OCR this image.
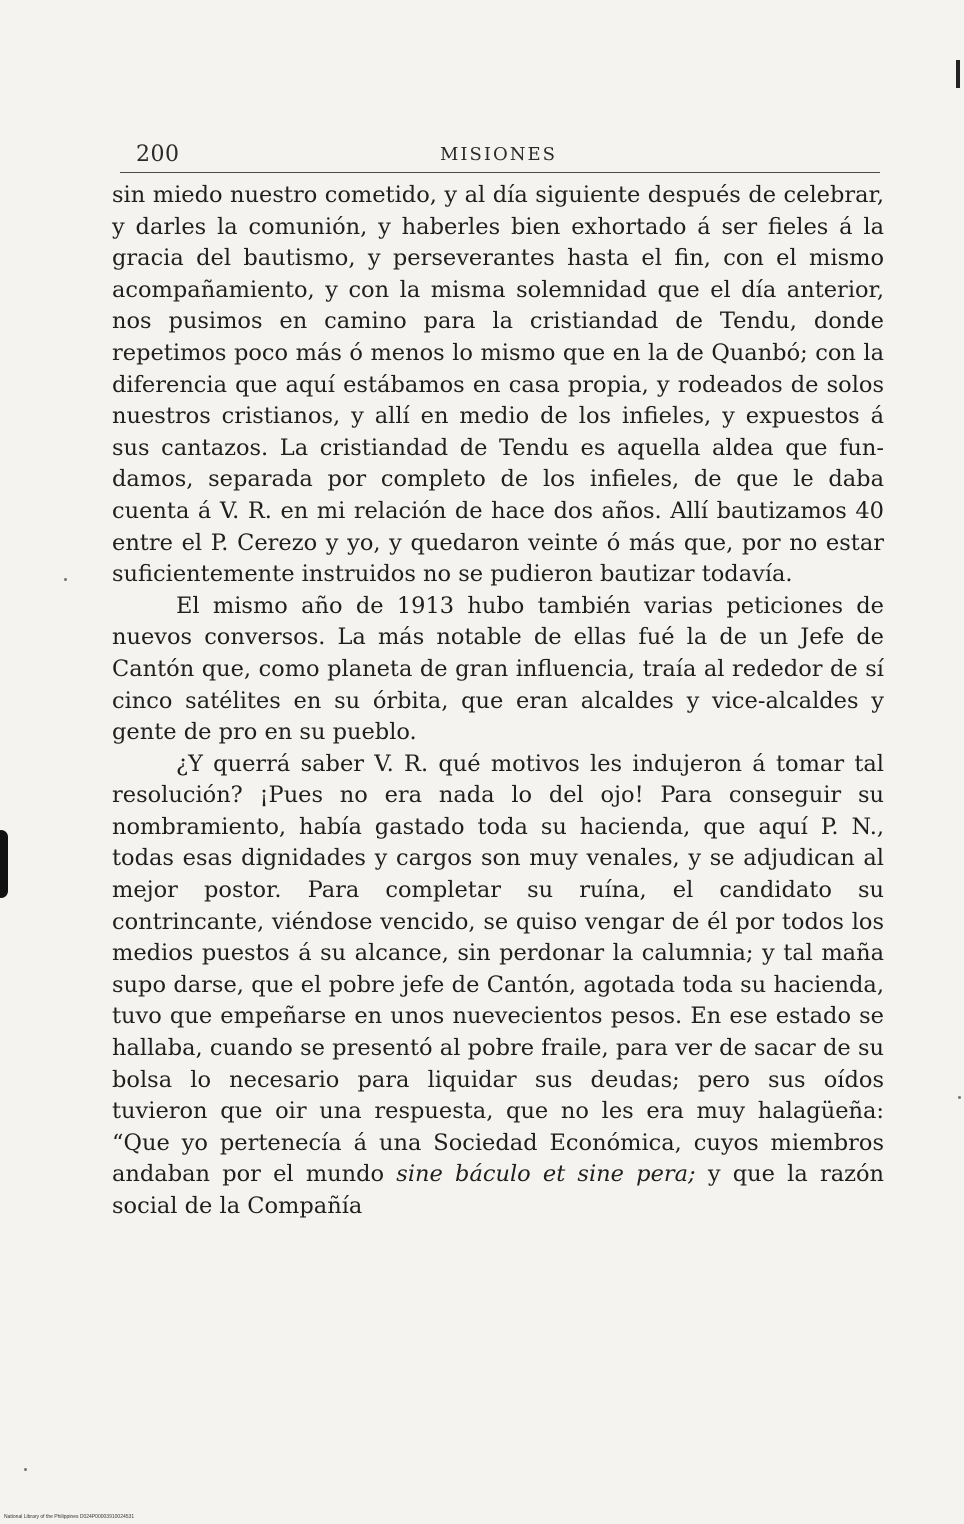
200	MISIONES

sin miedo nuestro cometido, y al día siguiente después de celebrar, y darles la comunión, y haberles bien exhortado á ser fieles á la gracia del bautismo, y perseverantes hasta el fin, con el mismo acompañamiento, y con la misma solemnidad que el día anterior, nos pusimos en camino para la cristiandad de Tendu, donde repetimos poco más ó menos lo mismo que en la de Quanbó; con la diferencia que aquí estábamos en casa propia, y rodeados de solos nuestros cristianos, y allí en medio de los infieles, y expuestos á sus cantazos. La cristiandad de Tendu es aquella aldea que fundamos, separada por completo de los infieles, de que le daba cuenta á V. R. en mi relación de hace dos años. Allí bautizamos 40 entre el P. Cerezo y yo, y quedaron veinte ó más que, por no estar suficientemente instruidos no se pudieron bautizar todavía.

El mismo año de 1913 hubo también varias peticiones de nuevos conversos. La más notable de ellas fué la de un Jefe de Cantón que, como planeta de gran influencia, traía al rededor de sí cinco satélites en su órbita, que eran alcaldes y vice-alcaldes y gente de pro en su pueblo.

¿Y querrá saber V. R. qué motivos les indujeron á tomar tal resolución? ¡Pues no era nada lo del ojo! Para conseguir su nombramiento, había gastado toda su hacienda, que aquí P. N., todas esas dignidades y cargos son muy venales, y se adjudican al mejor postor. Para completar su ruína, el candidato su contrincante, viéndose vencido, se quiso vengar de él por todos los medios puestos á su alcance, sin perdonar la calumnia; y tal maña supo darse, que el pobre jefe de Cantón, agotada toda su hacienda, tuvo que empeñarse en unos nuevecientos pesos. En ese estado se hallaba, cuando se presentó al pobre fraile, para ver de sacar de su bolsa lo necesario para liquidar sus deudas; pero sus oídos tuvieron que oir una respuesta, que no les era muy halagüeña: “Que yo pertenecía á una Sociedad Económica, cuyos miembros andaban por el mundo sine báculo et sine pera; y que la razón social de la Compañía

National Library of the Philippines D024P00003910024531
